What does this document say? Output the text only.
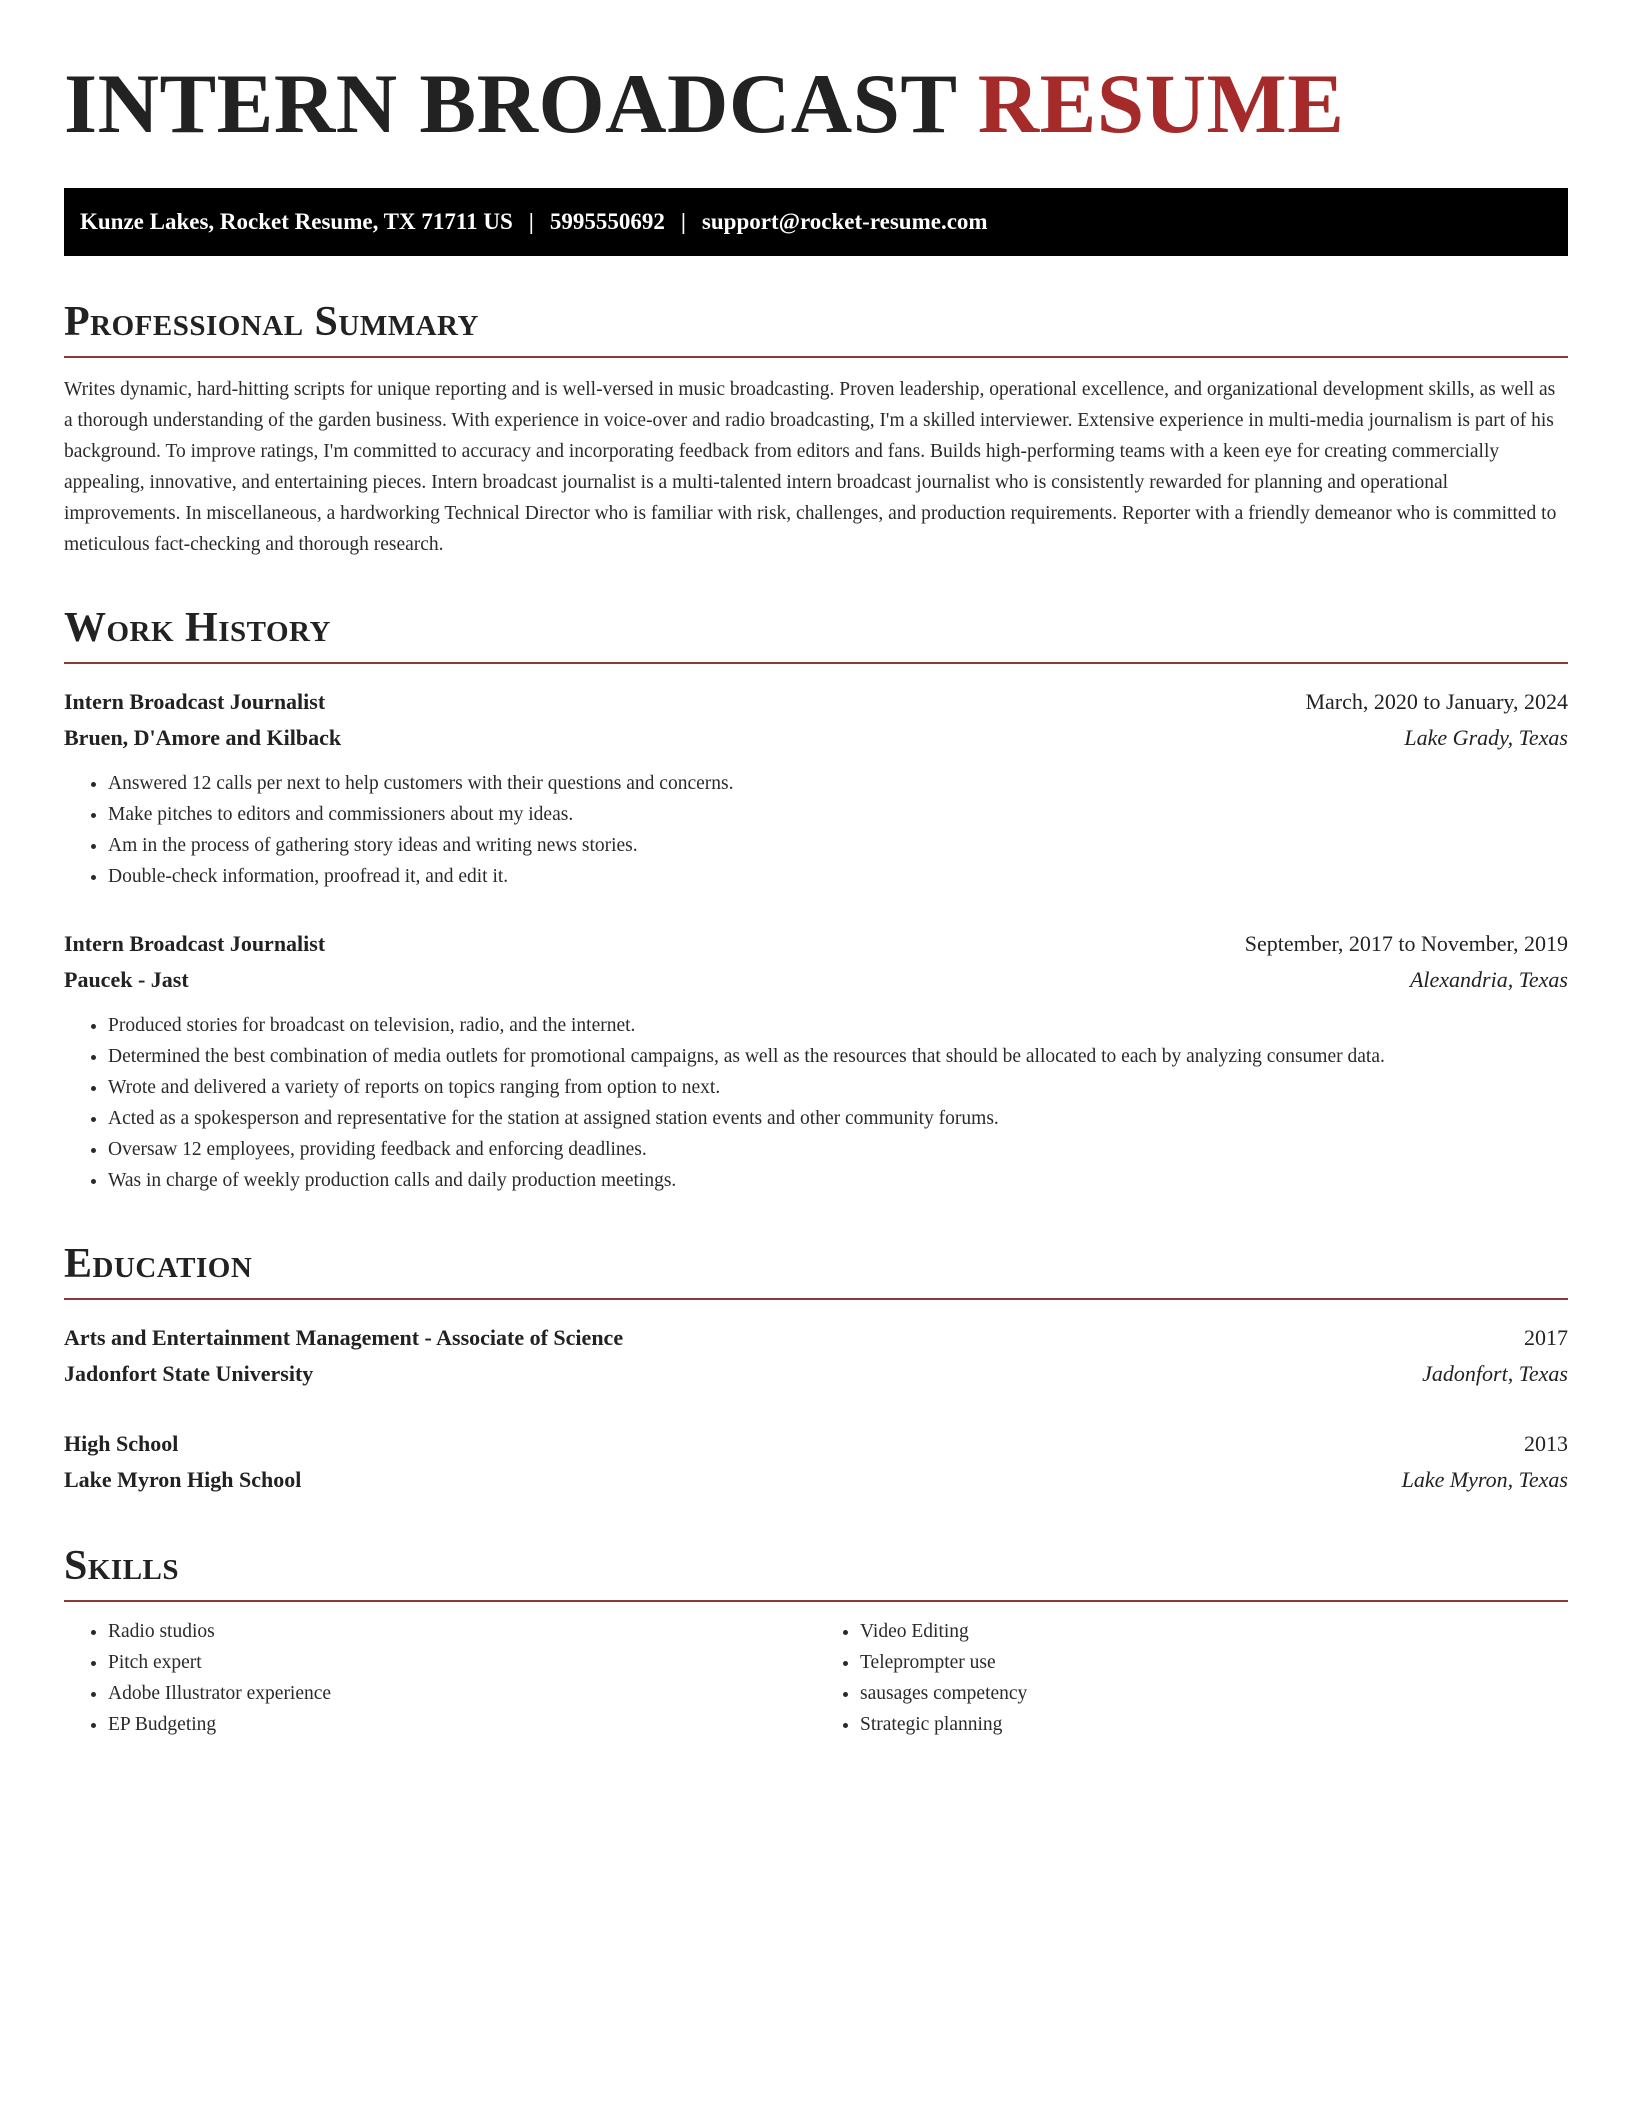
INTERN BROADCAST RESUME
Kunze Lakes, Rocket Resume, TX 71711 US | 5995550692 | support@rocket-resume.com
Professional Summary

Writes dynamic, hard-hitting scripts for unique reporting and is well-versed in music broadcasting. Proven leadership, operational excellence, and organizational development skills, as well as a thorough understanding of the garden business. With experience in voice-over and radio broadcasting, I'm a skilled interviewer. Extensive experience in multi-media journalism is part of his background. To improve ratings, I'm committed to accuracy and incorporating feedback from editors and fans. Builds high-performing teams with a keen eye for creating commercially appealing, innovative, and entertaining pieces. Intern broadcast journalist is a multi-talented intern broadcast journalist who is consistently rewarded for planning and operational improvements. In miscellaneous, a hardworking Technical Director who is familiar with risk, challenges, and production requirements. Reporter with a friendly demeanor who is committed to meticulous fact-checking and thorough research.

Work History
Intern Broadcast Journalist	March, 2020 to January, 2024
Bruen, D'Amore and Kilback	Lake Grady, Texas
• Answered 12 calls per next to help customers with their questions and concerns.
• Make pitches to editors and commissioners about my ideas.
• Am in the process of gathering story ideas and writing news stories.
• Double-check information, proofread it, and edit it.
Intern Broadcast Journalist	September, 2017 to November, 2019
Paucek - Jast	Alexandria, Texas
• Produced stories for broadcast on television, radio, and the internet.
• Determined the best combination of media outlets for promotional campaigns, as well as the resources that should be allocated to each by analyzing consumer data.
• Wrote and delivered a variety of reports on topics ranging from option to next.
• Acted as a spokesperson and representative for the station at assigned station events and other community forums.
• Oversaw 12 employees, providing feedback and enforcing deadlines.
• Was in charge of weekly production calls and daily production meetings.
Education
Arts and Entertainment Management - Associate of Science	2017
Jadonfort State University	Jadonfort, Texas
High School	2013
Lake Myron High School	Lake Myron, Texas
Skills
• Radio studios
• Pitch expert
• Adobe Illustrator experience
• EP Budgeting
• Video Editing
• Teleprompter use
• sausages competency
• Strategic planning
